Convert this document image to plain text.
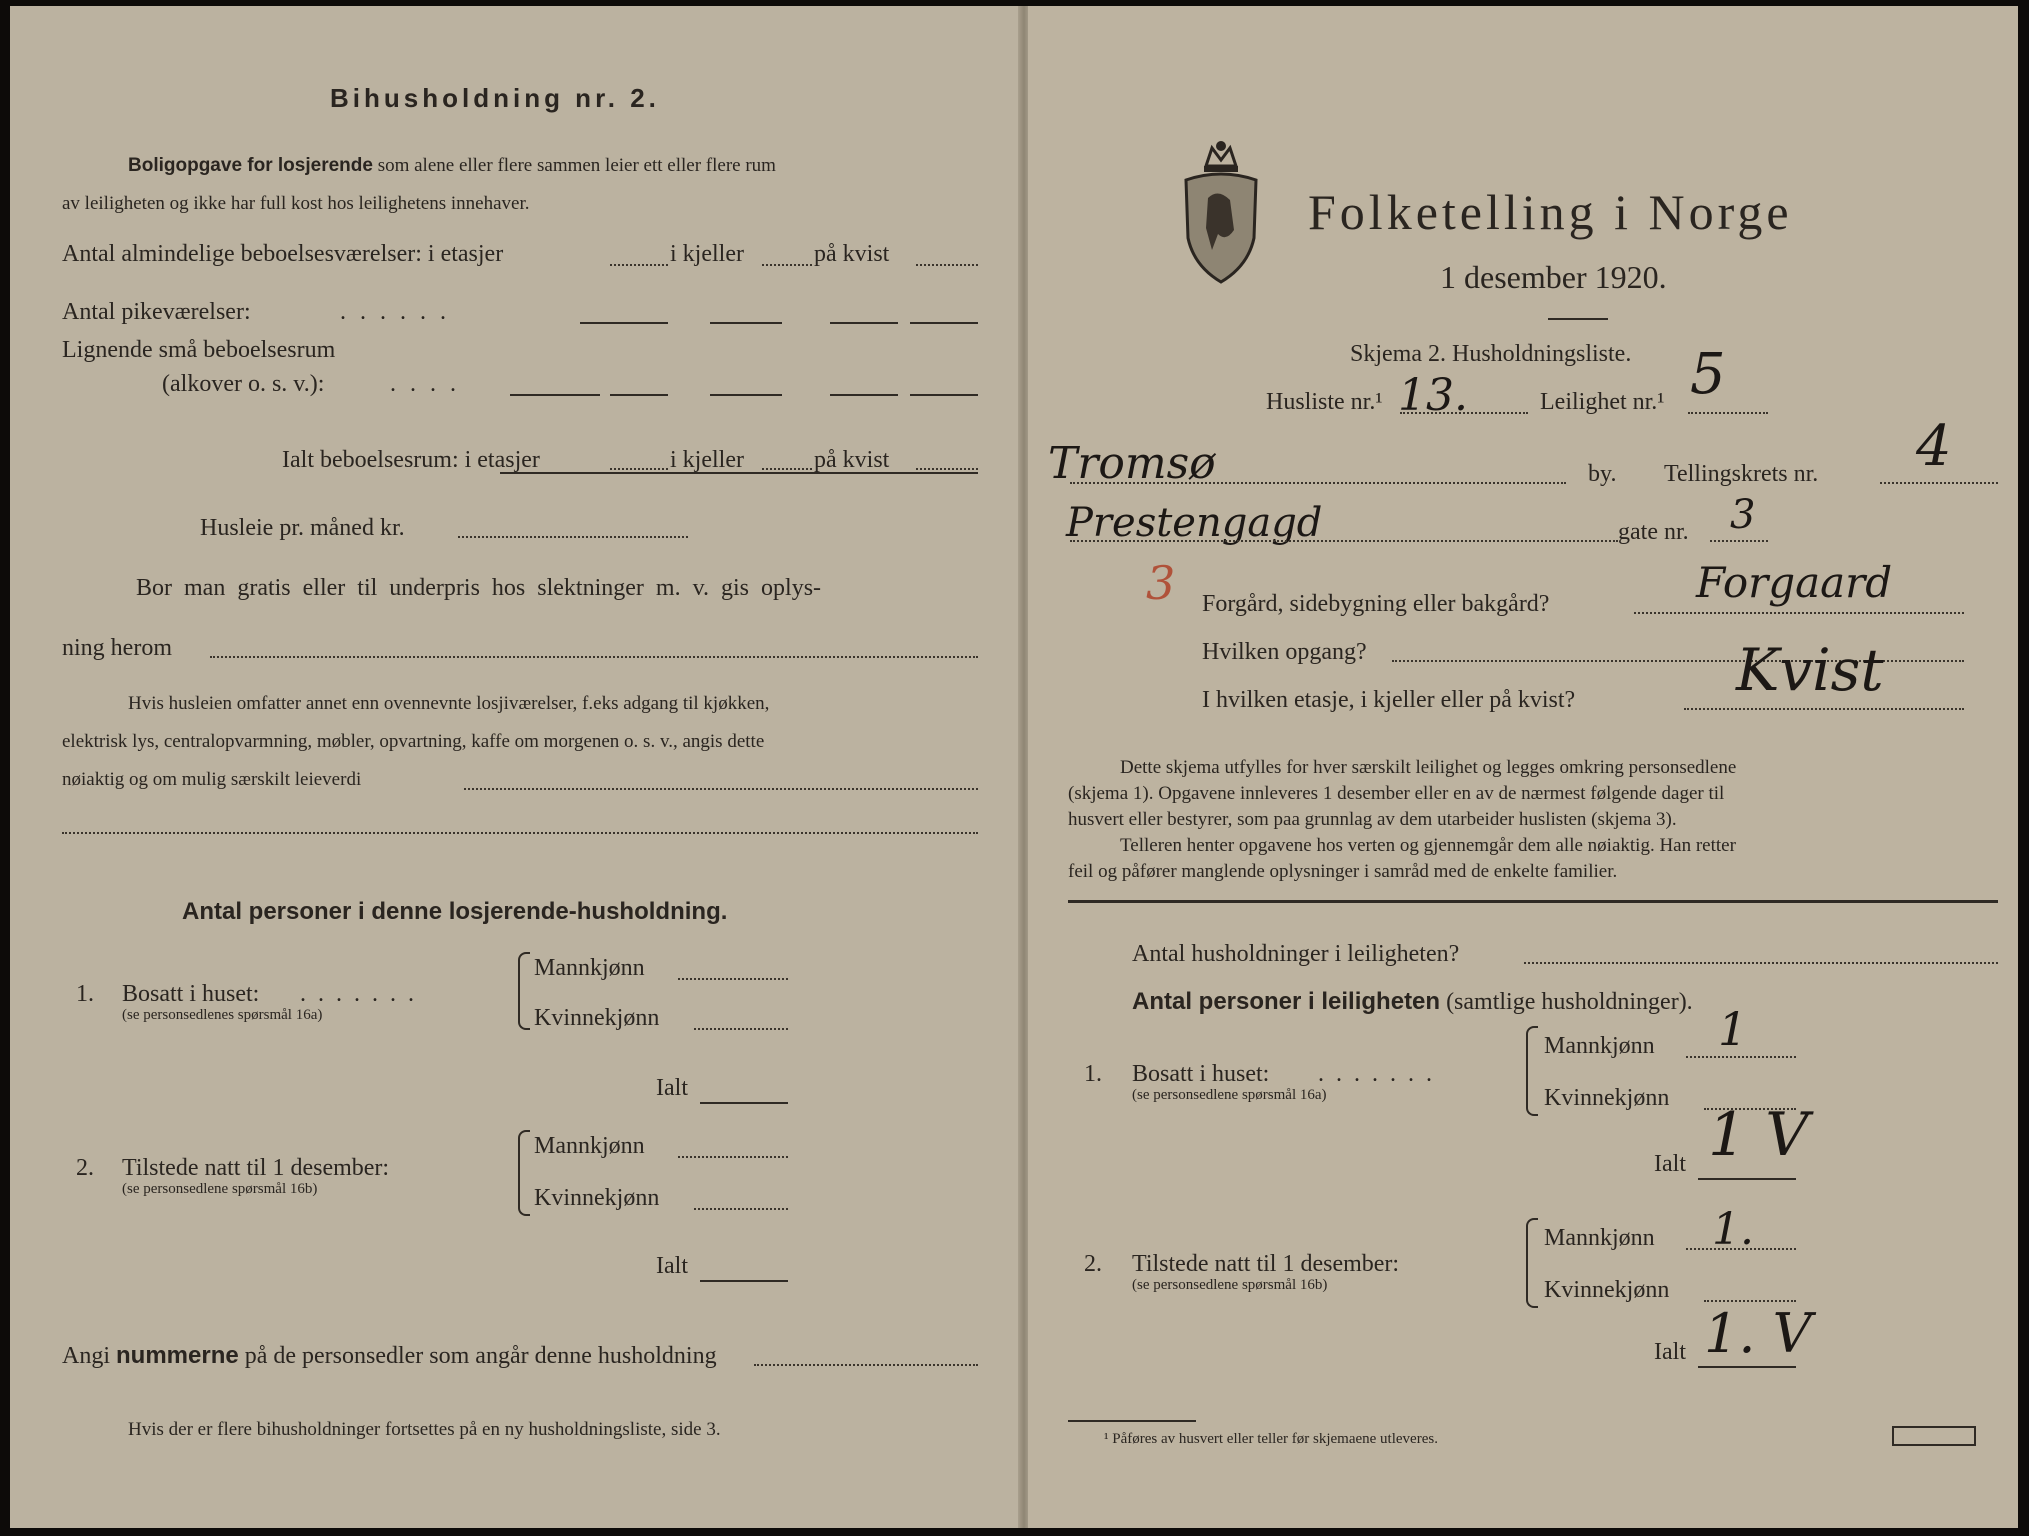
Bihusholdning nr. 2.
Boligopgave for losjerende som alene eller flere sammen leier ett eller flere rum
av leiligheten og ikke har full kost hos leilighetens innehaver.
Antal almindelige beboelsesværelser: i etasjer	i kjeller	på kvist
Antal pikeværelser:	......
Lignende små beboelsesrum
(alkover o. s. v.):	....
Ialt beboelsesrum: i etasjer	i kjeller	på kvist
Husleie pr. måned kr.
Bor man gratis eller til underpris hos slektninger m. v. gis oplys-
ning herom
Hvis husleien omfatter annet enn ovennevnte losjiværelser, f.eks adgang til kjøkken,
elektrisk lys, centralopvarmning, møbler, opvartning, kaffe om morgenen o. s. v., angis dette
nøiaktig og om mulig særskilt leieverdi
Antal personer i denne losjerende-husholdning.
1. Bosatt i huset: .......
(se personsedlenes spørsmål 16a)
Mannkjønn
Kvinnekjønn
Ialt
2. Tilstede natt til 1 desember:
(se personsedlene spørsmål 16b)
Mannkjønn
Kvinnekjønn
Ialt
Angi nummerne på de personsedler som angår denne husholdning
Hvis der er flere bihusholdninger fortsettes på en ny husholdningsliste, side 3.
Folketelling i Norge
1 desember 1920.
Skjema 2. Husholdningsliste.
Husliste nr.¹ 13.	Leilighet nr.¹ 5
Tromsø	by. Tellingskrets nr. 4
Prestengagd	gate nr. 3
3 Forgård, sidebygning eller bakgård?	Forgaard
Hvilken opgang?
I hvilken etasje, i kjeller eller på kvist?	Kvist
Dette skjema utfylles for hver særskilt leilighet og legges omkring personsedlene
(skjema 1). Opgavene innleveres 1 desember eller en av de nærmest følgende dager til
husvert eller bestyrer, som paa grunnlag av dem utarbeider huslisten (skjema 3).
Telleren henter opgavene hos verten og gjennemgår dem alle nøiaktig. Han retter
feil og påfører manglende oplysninger i samråd med de enkelte familier.
Antal husholdninger i leiligheten?
Antal personer i leiligheten (samtlige husholdninger).
1. Bosatt i huset: .......
(se personsedlene spørsmål 16a)
Mannkjønn 1
Kvinnekjønn
Ialt 1 V
2. Tilstede natt til 1 desember:
(se personsedlene spørsmål 16b)
Mannkjønn 1.
Kvinnekjønn
Ialt 1. V
¹ Påføres av husvert eller teller før skjemaene utleveres.
